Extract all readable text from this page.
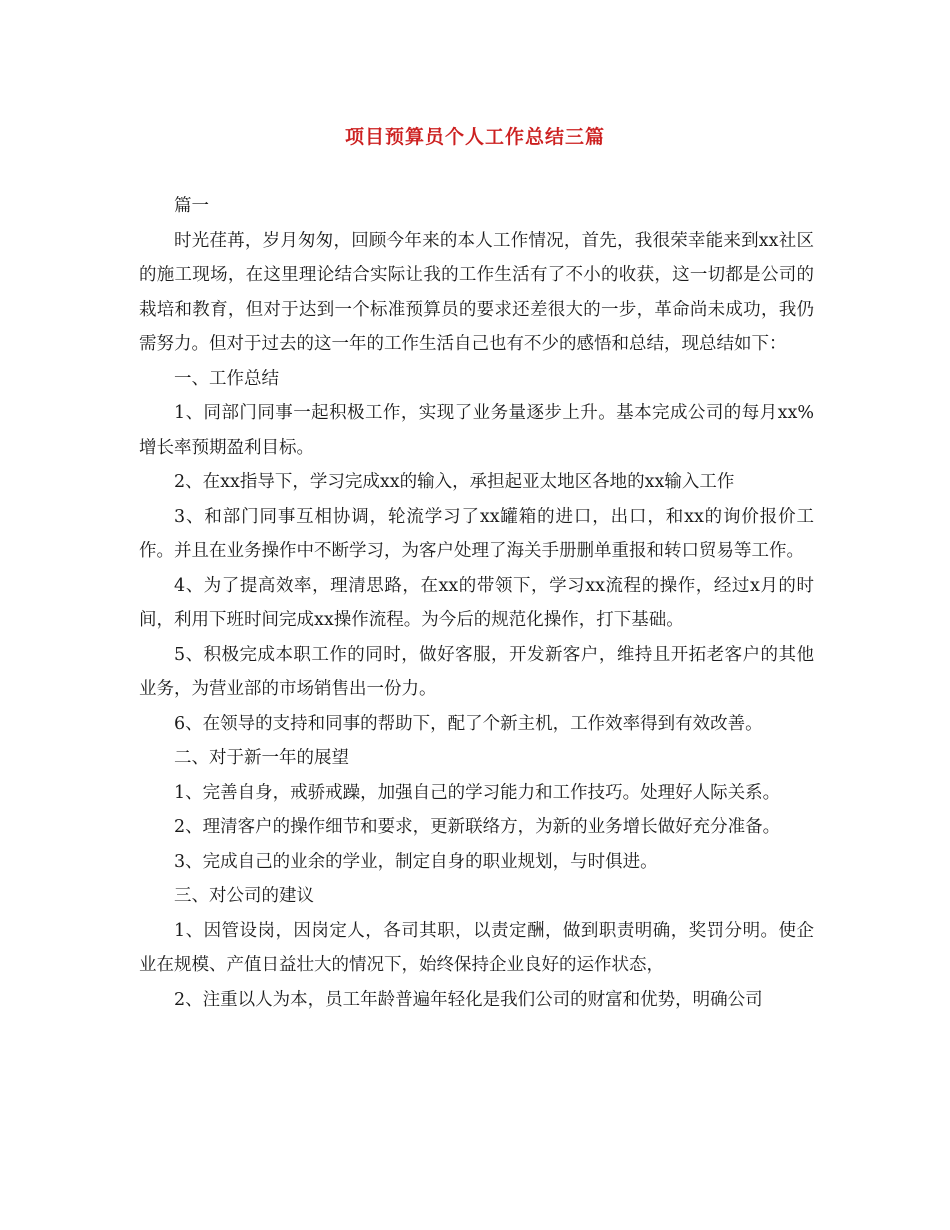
项目预算员个人工作总结三篇

篇一

时光荏苒，岁月匆匆，回顾今年来的本人工作情况，首先，我很荣幸能来到xx社区的施工现场，在这里理论结合实际让我的工作生活有了不小的收获，这一切都是公司的栽培和教育，但对于达到一个标准预算员的要求还差很大的一步，革命尚未成功，我仍需努力。但对于过去的这一年的工作生活自己也有不少的感悟和总结，现总结如下：

一、工作总结

1、同部门同事一起积极工作，实现了业务量逐步上升。基本完成公司的每月xx%增长率预期盈利目标。

2、在xx指导下，学习完成xx的输入，承担起亚太地区各地的xx输入工作

3、和部门同事互相协调，轮流学习了xx罐箱的进口，出口，和xx的询价报价工作。并且在业务操作中不断学习，为客户处理了海关手册删单重报和转口贸易等工作。

4、为了提高效率，理清思路，在xx的带领下，学习xx流程的操作，经过x月的时间，利用下班时间完成xx操作流程。为今后的规范化操作，打下基础。

5、积极完成本职工作的同时，做好客服，开发新客户，维持且开拓老客户的其他业务，为营业部的市场销售出一份力。

6、在领导的支持和同事的帮助下，配了个新主机，工作效率得到有效改善。

二、对于新一年的展望

1、完善自身，戒骄戒躁，加强自己的学习能力和工作技巧。处理好人际关系。

2、理清客户的操作细节和要求，更新联络方，为新的业务增长做好充分准备。

3、完成自己的业余的学业，制定自身的职业规划，与时俱进。

三、对公司的建议

1、因管设岗，因岗定人，各司其职，以责定酬，做到职责明确，奖罚分明。使企业在规模、产值日益壮大的情况下，始终保持企业良好的运作状态，

2、注重以人为本，员工年龄普遍年轻化是我们公司的财富和优势，明确公司
